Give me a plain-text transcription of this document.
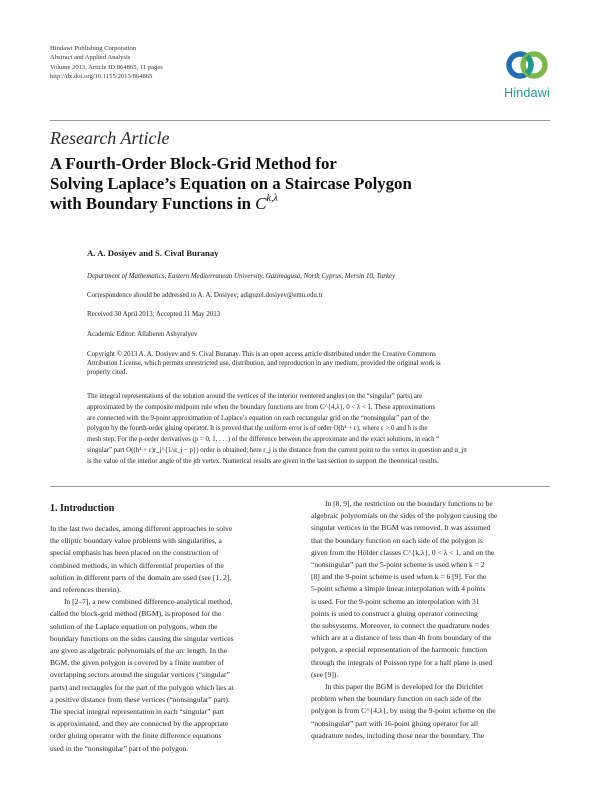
Hindawi Publishing Corporation
Abstract and Applied Analysis
Volume 2013, Article ID 864865, 11 pages
http://dx.doi.org/10.1155/2013/864865
Hindawi
Research Article
A Fourth-Order Block-Grid Method for
Solving Laplace’s Equation on a Staircase Polygon
with Boundary Functions in $C^{k,\lambda}$
A. A. Dosiyev and S. Cival Buranay
Department of Mathematics, Eastern Mediterranean University, Gazimagusa, North Cyprus, Mersin 10, Turkey
Correspondence should be addressed to A. A. Dosiyev; adiguzel.dosiyev@emu.edu.tr
Received 30 April 2013; Accepted 11 May 2013
Academic Editor: Allaberen Ashyralyev
Copyright © 2013 A. A. Dosiyev and S. Cival Buranay. This is an open access article distributed under the Creative Commons
Attribution License, which permits unrestricted use, distribution, and reproduction in any medium, provided the original work is
properly cited.
The integral representations of the solution around the vertices of the interior reentered angles (on the “singular” parts) are
approximated by the composite midpoint rule when the boundary functions are from C^{4,λ}, 0 < λ < 1. These approximations
are connected with the 9-point approximation of Laplace’s equation on each rectangular grid on the “nonsingular” part of the
polygon by the fourth-order gluing operator. It is proved that the uniform error is of order O(h⁴ + ε), where ε > 0 and h is the
mesh step. For the p-order derivatives (p = 0, 1, . . .) of the difference between the approximate and the exact solutions, in each “
singular” part O((h⁴ + ε)r_j^{1/α_j − p}) order is obtained; here r_j is the distance from the current point to the vertex in question and α_jπ
is the value of the interior angle of the jth vertex. Numerical results are given in the last section to support the theoretical results.
1. Introduction
In the last two decades, among different approaches to solve
the elliptic boundary value problems with singularities, a
special emphasis has been placed on the construction of
combined methods, in which differential properties of the
solution in different parts of the domain are used (see [1, 2],
and references therein).
In [2–7], a new combined difference-analytical method,
called the block-grid method (BGM), is proposed for the
solution of the Laplace equation on polygons, when the
boundary functions on the sides causing the singular vertices
are given as algebraic polynomials of the arc length. In the
BGM, the given polygon is covered by a finite number of
overlapping sectors around the singular vertices (“singular”
parts) and rectangles for the part of the polygon which lies at
a positive distance from these vertices (“nonsingular” part).
The special integral representation in each “singular” part
is approximated, and they are connected by the appropriate
order gluing operator with the finite difference equations
used in the “nonsingular” part of the polygon.
In [8, 9], the restriction on the boundary functions to be
algebraic polynomials on the sides of the polygon causing the
singular vertices in the BGM was removed. It was assumed
that the boundary function on each side of the polygon is
given from the Hölder classes C^{k,λ}, 0 < λ < 1, and on the
“nonsingular” part the 5-point scheme is used when k = 2
[8] and the 9-point scheme is used when k = 6 [9]. For the
5-point scheme a simple linear interpolation with 4 points
is used. For the 9-point scheme an interpolation with 31
points is used to construct a gluing operator connecting
the subsystems. Moreover, to connect the quadrature nodes
which are at a distance of less than 4h from boundary of the
polygon, a special representation of the harmonic function
through the integrals of Poisson type for a half plane is used
(see [9]).
In this paper the BGM is developed for the Dirichlet
problem when the boundary function on each side of the
polygon is from C^{4,λ}, by using the 9-point scheme on the
“nonsingular” part with 16-point gluing operator for all
quadrature nodes, including those near the boundary. The
